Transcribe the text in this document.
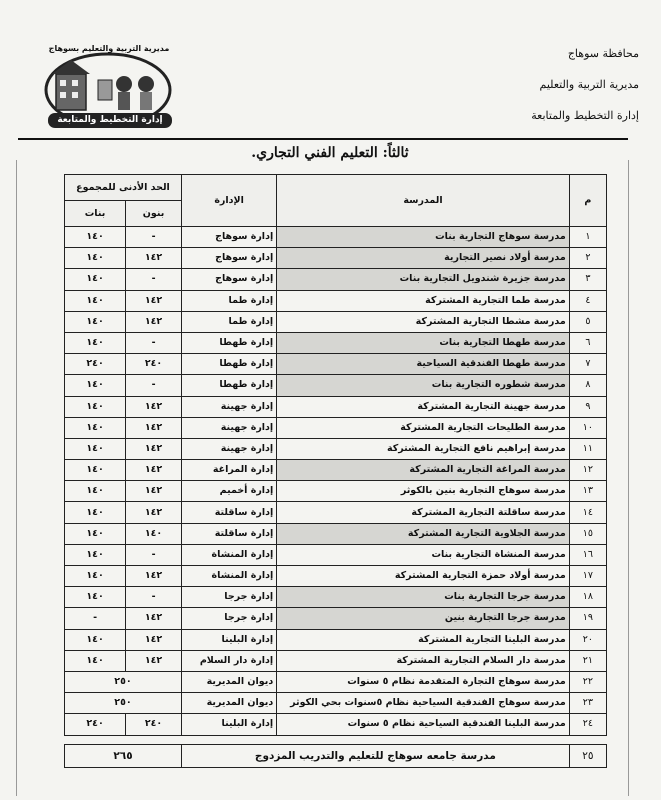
محافظة سوهاج
مديرية التربية والتعليم
إدارة التخطيط والمتابعة
مديرية التربية والتعليم بسوهاج
إدارة التخطيط والمتابعة
ثالثاً: التعليم الفني التجاري.
م	المدرسة	الإدارة	الحد الأدنى للمجموع	
			بنون	بنات
١	مدرسة سوهاج التجارية بنات	إدارة سوهاج	-	١٤٠
٢	مدرسة أولاد نصير التجارية	إدارة سوهاج	١٤٢	١٤٠
٣	مدرسة جزيرة شندويل التجارية بنات	إدارة سوهاج	-	١٤٠
٤	مدرسة طما التجارية المشتركة	إدارة طما	١٤٢	١٤٠
٥	مدرسة مشطا التجارية المشتركة	إدارة طما	١٤٢	١٤٠
٦	مدرسة طهطا التجارية بنات	إدارة طهطا	-	١٤٠
٧	مدرسة طهطا الفندقية السياحية	إدارة طهطا	٢٤٠	٢٤٠
٨	مدرسة شطوره التجارية بنات	إدارة طهطا	-	١٤٠
٩	مدرسة جهينة التجارية المشتركة	إدارة جهينة	١٤٢	١٤٠
١٠	مدرسة الطليحات التجارية المشتركة	إدارة جهينة	١٤٢	١٤٠
١١	مدرسة إبراهيم نافع التجارية المشتركة	إدارة جهينة	١٤٢	١٤٠
١٢	مدرسة المراغة التجارية المشتركة	إدارة المراغة	١٤٢	١٤٠
١٣	مدرسة سوهاج التجارية بنين بالكوثر	إدارة أخميم	١٤٢	١٤٠
١٤	مدرسة ساقلتة التجارية المشتركة	إدارة ساقلتة	١٤٢	١٤٠
١٥	مدرسة الجلاوية التجارية المشتركة	إدارة ساقلتة	١٤٠	١٤٠
١٦	مدرسة المنشاة التجارية بنات	إدارة المنشاة	-	١٤٠
١٧	مدرسة أولاد حمزة التجارية المشتركة	إدارة المنشاة	١٤٢	١٤٠
١٨	مدرسة جرجا التجارية بنات	إدارة جرجا	-	١٤٠
١٩	مدرسة جرجا التجارية بنين	إدارة جرجا	١٤٢	-
٢٠	مدرسة البلينا التجارية المشتركة	إدارة البلينا	١٤٢	١٤٠
٢١	مدرسة دار السلام التجارية المشتركة	إدارة دار السلام	١٤٢	١٤٠
٢٢	مدرسة سوهاج التجارة المتقدمة نظام ٥ سنوات	ديوان المديرية	٢٥٠	
٢٣	مدرسة سوهاج الفندقية السياحية نظام ٥سنوات بحي الكوثر	ديوان المديرية	٢٥٠	
٢٤	مدرسة البلينا الفندقية السياحية نظام ٥ سنوات	إدارة البلينا	٢٤٠	٢٤٠

٢٥	مدرسة جامعه سوهاج للتعليم والتدريب المزدوج		٢٦٥	
